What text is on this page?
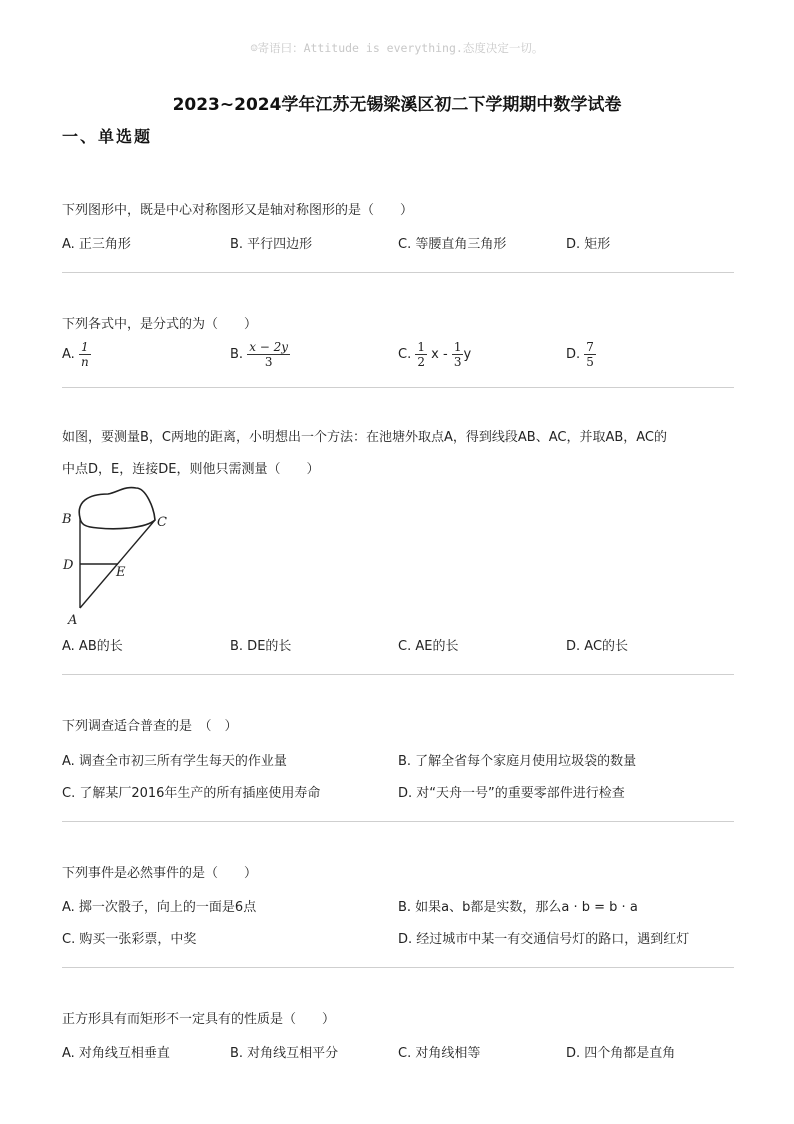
☺寄语曰：Attitude is everything.态度决定一切。
2023~2024学年江苏无锡梁溪区初二下学期期中数学试卷
一、单选题
下列图形中，既是中心对称图形又是轴对称图形的是（　　）
A. 正三角形	B. 平行四边形	C. 等腰直角三角形	D. 矩形
下列各式中，是分式的为（　　）
A. $\frac{1}{n}$	B. $\frac{x - 2y}{3}$	C. $\frac{1}{2}$ x - $\frac{1}{3}$ y	D. $\frac{7}{5}$
如图，要测量B，C两地的距离，小明想出一个方法：在池塘外取点A，得到线段AB、AC，并取AB，AC的
中点D，E，连接DE，则他只需测量（　　）
B	C
D	E
A
A. AB的长	B. DE的长	C. AE的长	D. AC的长
下列调查适合普查的是　（　）
A. 调查全市初三所有学生每天的作业量	B. 了解全省每个家庭月使用垃圾袋的数量
C. 了解某厂2016年生产的所有插座使用寿命	D. 对“天舟一号”的重要零部件进行检查
下列事件是必然事件的是（　　）
A. 掷一次骰子，向上的一面是6点	B. 如果a、b都是实数，那么a · b = b · a
C. 购买一张彩票，中奖	D. 经过城市中某一有交通信号灯的路口，遇到红灯
正方形具有而矩形不一定具有的性质是（　　）
A. 对角线互相垂直	B. 对角线互相平分	C. 对角线相等	D. 四个角都是直角
